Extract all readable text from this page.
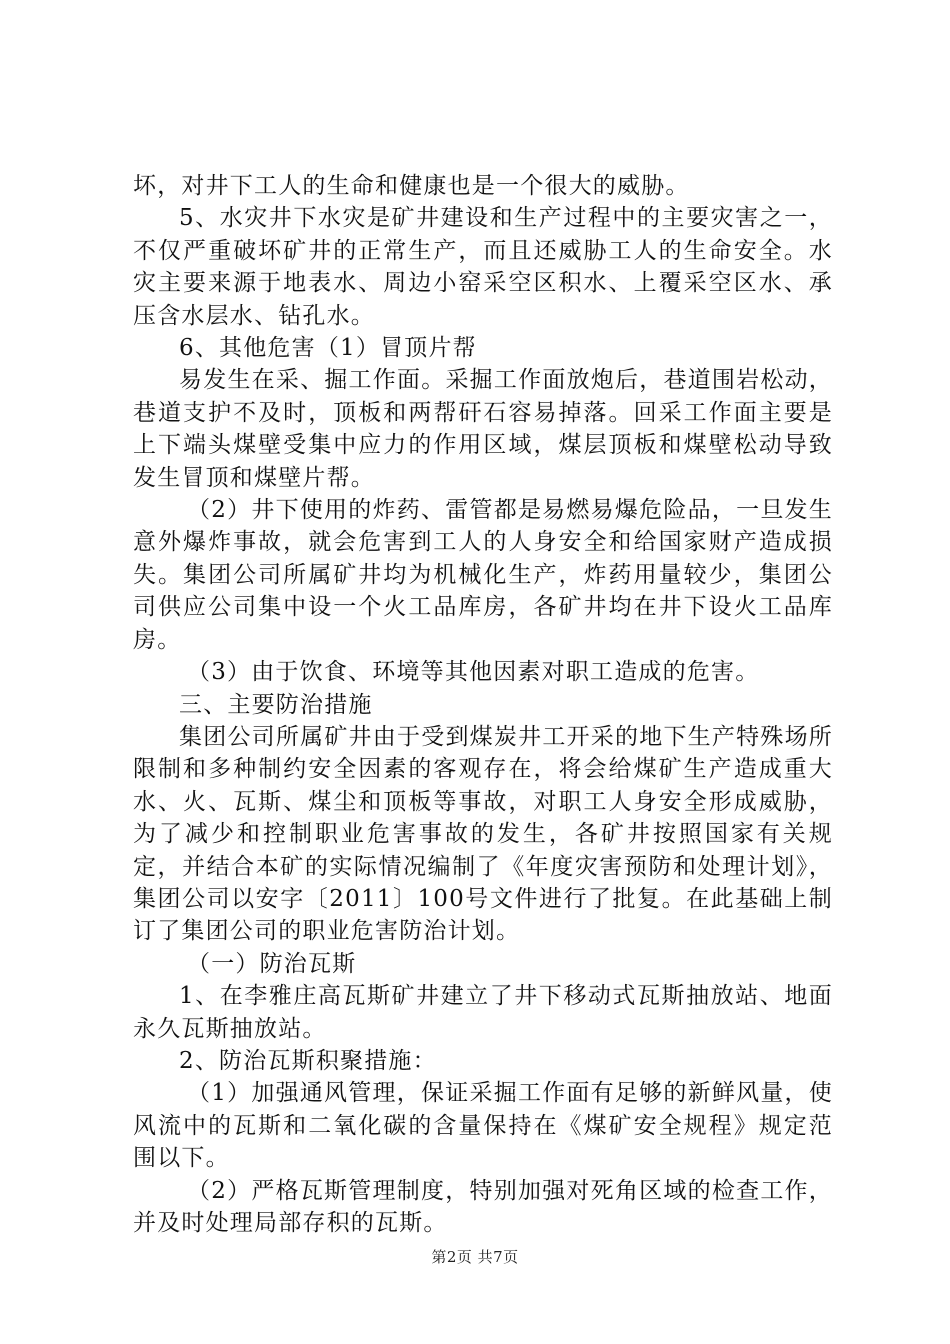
坏，对井下工人的生命和健康也是一个很大的威胁。

5、水灾井下水灾是矿井建设和生产过程中的主要灾害之一，不仅严重破坏矿井的正常生产，而且还威胁工人的生命安全。水灾主要来源于地表水、周边小窑采空区积水、上覆采空区水、承压含水层水、钻孔水。

6、其他危害（1）冒顶片帮

易发生在采、掘工作面。采掘工作面放炮后，巷道围岩松动，巷道支护不及时，顶板和两帮矸石容易掉落。回采工作面主要是上下端头煤壁受集中应力的作用区域，煤层顶板和煤壁松动导致发生冒顶和煤壁片帮。

（2）井下使用的炸药、雷管都是易燃易爆危险品，一旦发生意外爆炸事故，就会危害到工人的人身安全和给国家财产造成损失。集团公司所属矿井均为机械化生产，炸药用量较少，集团公司供应公司集中设一个火工品库房，各矿井均在井下设火工品库房。

（3）由于饮食、环境等其他因素对职工造成的危害。

三、主要防治措施

集团公司所属矿井由于受到煤炭井工开采的地下生产特殊场所限制和多种制约安全因素的客观存在，将会给煤矿生产造成重大水、火、瓦斯、煤尘和顶板等事故，对职工人身安全形成威胁，为了减少和控制职业危害事故的发生，各矿井按照国家有关规定，并结合本矿的实际情况编制了《年度灾害预防和处理计划》，集团公司以安字〔2011〕100号文件进行了批复。在此基础上制订了集团公司的职业危害防治计划。

（一）防治瓦斯

1、在李雅庄高瓦斯矿井建立了井下移动式瓦斯抽放站、地面永久瓦斯抽放站。

2、防治瓦斯积聚措施：

（1）加强通风管理，保证采掘工作面有足够的新鲜风量，使风流中的瓦斯和二氧化碳的含量保持在《煤矿安全规程》规定范围以下。

（2）严格瓦斯管理制度，特别加强对死角区域的检查工作，并及时处理局部存积的瓦斯。

第2页 共7页
